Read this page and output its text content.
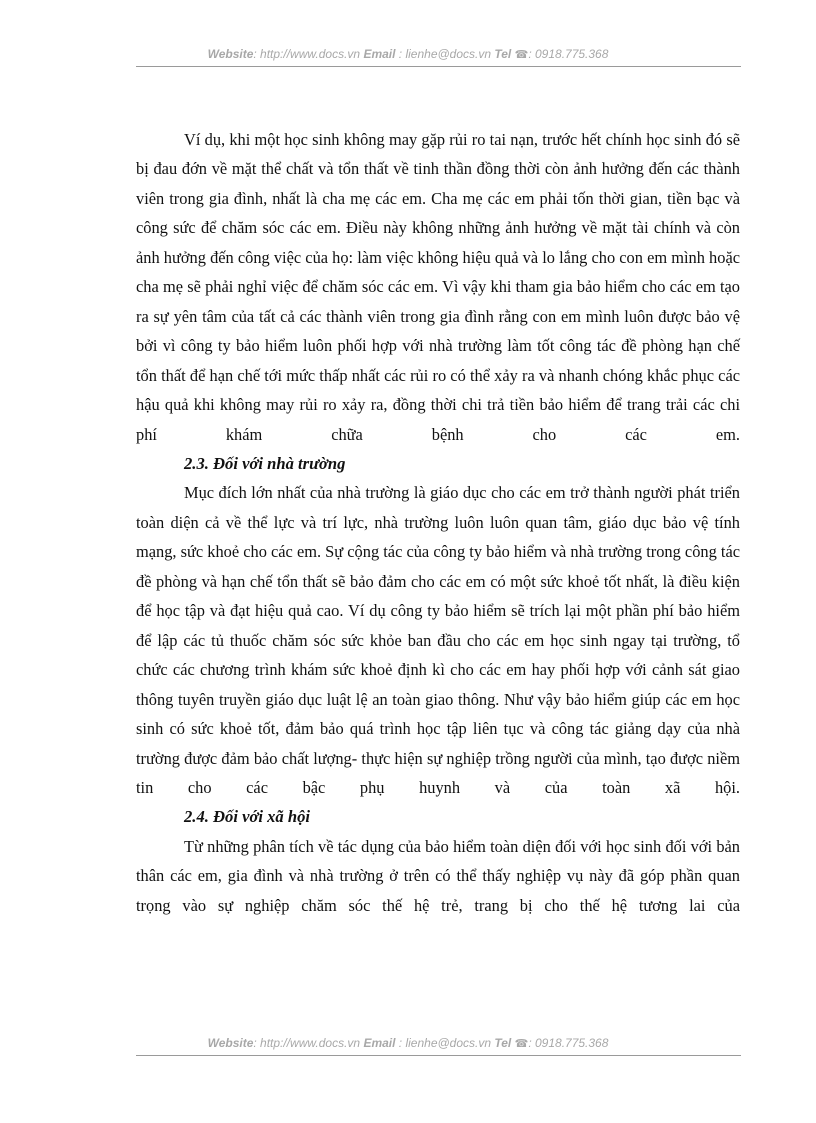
Website: http://www.docs.vn Email : lienhe@docs.vn Tel ☎: 0918.775.368

Ví dụ, khi một học sinh không may gặp rủi ro tai nạn, trước hết chính học sinh đó sẽ bị đau đớn về mặt thể chất và tổn thất về tinh thần đồng thời còn ảnh hưởng đến các thành viên trong gia đình, nhất là cha mẹ các em. Cha mẹ các em phải tốn thời gian, tiền bạc và công sức để chăm sóc các em. Điều này không những ảnh hưởng về mặt tài chính và còn ảnh hưởng đến công việc của họ: làm việc không hiệu quả và lo lắng cho con em mình hoặc cha mẹ sẽ phải nghỉ việc để chăm sóc các em. Vì vậy khi tham gia bảo hiểm cho các em tạo ra sự yên tâm của tất cả các thành viên trong gia đình rằng con em mình luôn được bảo vệ bởi vì công ty bảo hiểm luôn phối hợp với nhà trường làm tốt công tác đề phòng hạn chế tổn thất để hạn chế tới mức thấp nhất các rủi ro có thể xảy ra và nhanh chóng khắc phục các hậu quả khi không may rủi ro xảy ra, đồng thời chi trả tiền bảo hiểm để trang trải các chi phí khám chữa bệnh cho các em.

2.3. Đối với nhà trường

Mục đích lớn nhất của nhà trường là giáo dục cho các em trở thành người phát triển toàn diện cả về thể lực và trí lực, nhà trường luôn luôn quan tâm, giáo dục bảo vệ tính mạng, sức khoẻ cho các em. Sự cộng tác của công ty bảo hiểm và nhà trường trong công tác đề phòng và hạn chế tổn thất sẽ bảo đảm cho các em có một sức khoẻ tốt nhất, là điều kiện để học tập và đạt hiệu quả cao. Ví dụ công ty bảo hiểm sẽ trích lại một phần phí bảo hiểm để lập các tủ thuốc chăm sóc sức khỏe ban đầu cho các em học sinh ngay tại trường, tổ chức các chương trình khám sức khoẻ định kì cho các em hay phối hợp với cảnh sát giao thông tuyên truyền giáo dục luật lệ an toàn giao thông. Như vậy bảo hiểm giúp các em học sinh có sức khoẻ tốt, đảm bảo quá trình học tập liên tục và công tác giảng dạy của nhà trường được đảm bảo chất lượng- thực hiện sự nghiệp trồng người của mình, tạo được niềm tin cho các bậc phụ huynh và của toàn xã hội.

2.4. Đối với xã hội

Từ những phân tích về tác dụng của bảo hiểm toàn diện đối với học sinh đối với bản thân các em, gia đình và nhà trường ở trên có thể thấy nghiệp vụ này đã góp phần quan trọng vào sự nghiệp chăm sóc thế hệ trẻ, trang bị cho thế hệ tương lai của

Website: http://www.docs.vn Email : lienhe@docs.vn Tel ☎: 0918.775.368
